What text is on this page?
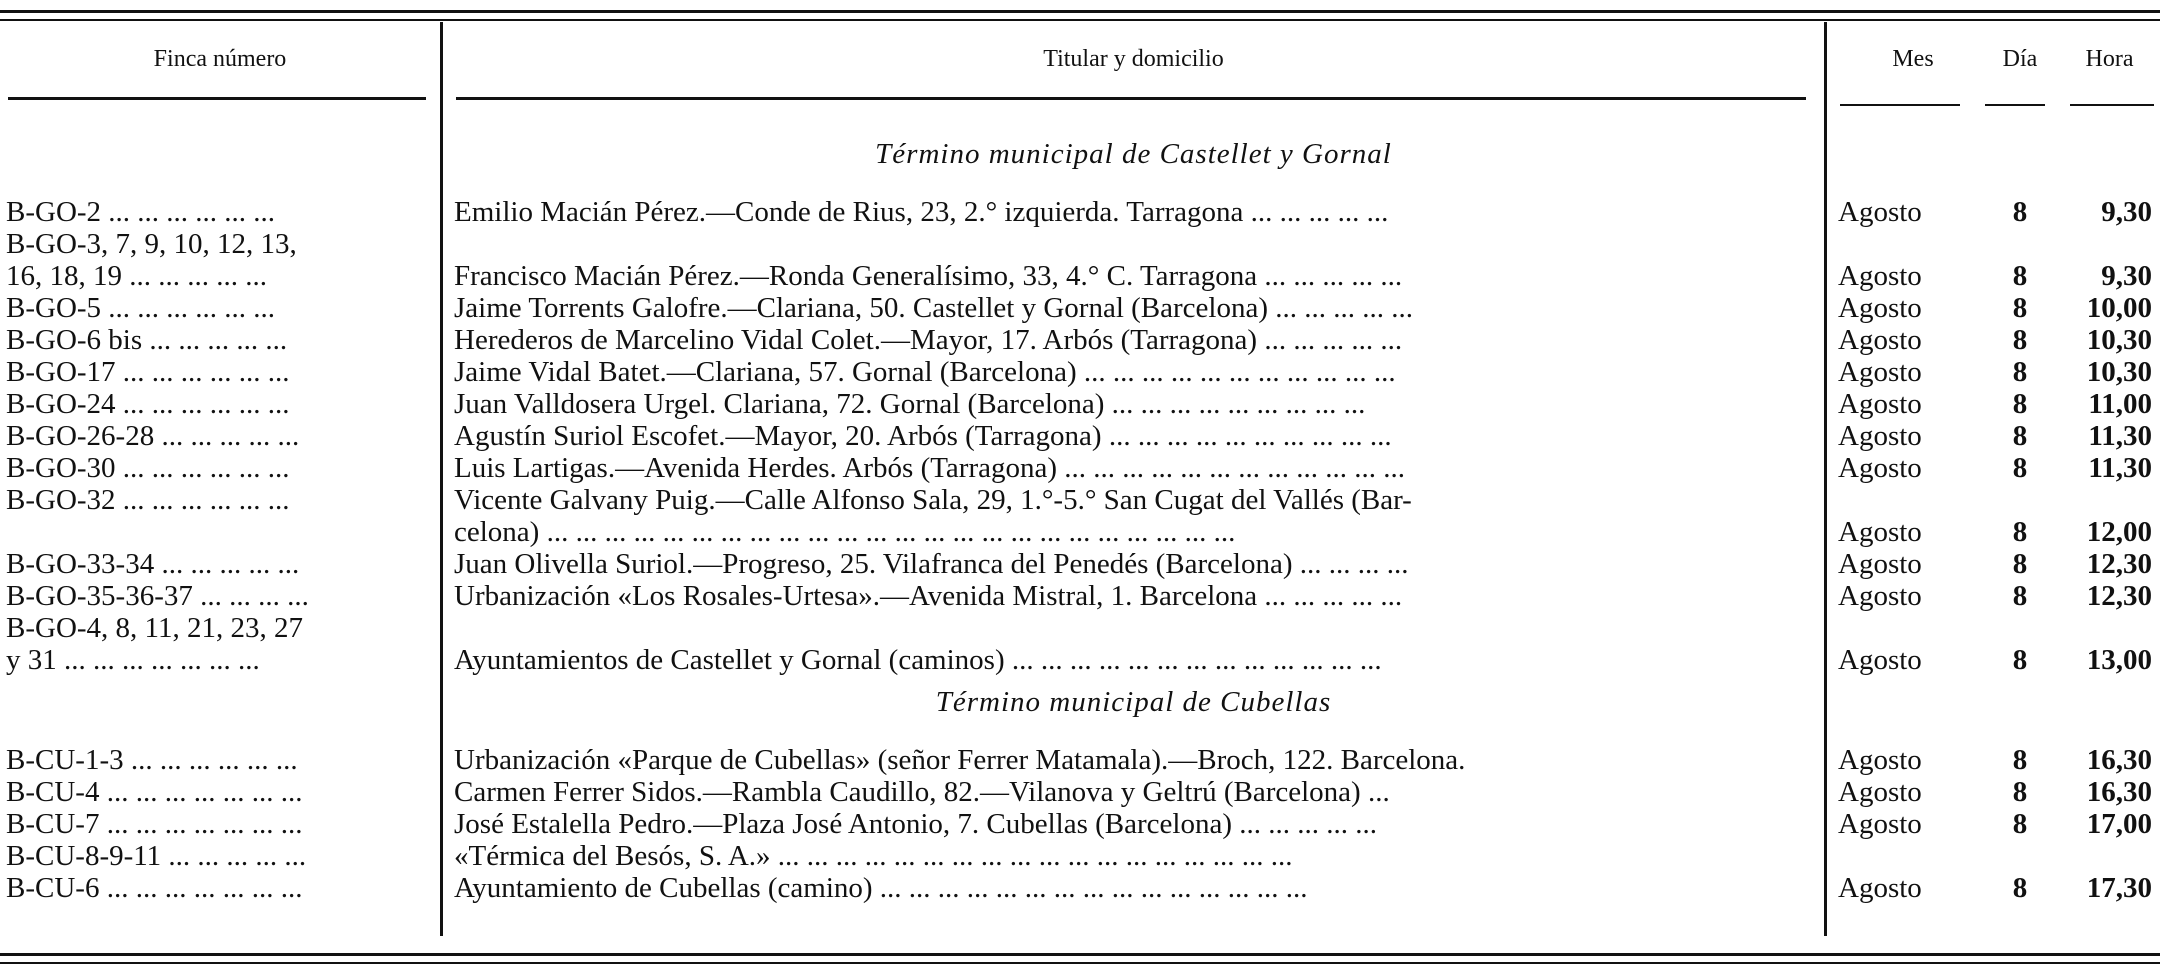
Finca número	Titular y domicilio	Mes	Día	Hora
Término municipal de Castellet y Gornal
B-GO-2 ... ... ... ... ... ...	Emilio Macián Pérez.—Conde de Rius, 23, 2.° izquierda. Tarragona ... ... ... ... ...	Agosto	8	9,30
B-GO-3, 7, 9, 10, 12, 13,
16, 18, 19 ... ... ... ... ...	Francisco Macián Pérez.—Ronda Generalísimo, 33, 4.° C. Tarragona ... ... ... ... ...	Agosto	8	9,30
B-GO-5 ... ... ... ... ... ...	Jaime Torrents Galofre.—Clariana, 50. Castellet y Gornal (Barcelona) ... ... ... ... ...	Agosto	8	10,00
B-GO-6 bis ... ... ... ... ...	Herederos de Marcelino Vidal Colet.—Mayor, 17. Arbós (Tarragona) ... ... ... ... ...	Agosto	8	10,30
B-GO-17 ... ... ... ... ... ...	Jaime Vidal Batet.—Clariana, 57. Gornal (Barcelona) ... ... ... ... ... ... ... ... ... ... ...	Agosto	8	10,30
B-GO-24 ... ... ... ... ... ...	Juan Valldosera Urgel. Clariana, 72. Gornal (Barcelona) ... ... ... ... ... ... ... ... ...	Agosto	8	11,00
B-GO-26-28 ... ... ... ... ...	Agustín Suriol Escofet.—Mayor, 20. Arbós (Tarragona) ... ... ... ... ... ... ... ... ... ...	Agosto	8	11,30
B-GO-30 ... ... ... ... ... ...	Luis Lartigas.—Avenida Herdes. Arbós (Tarragona) ... ... ... ... ... ... ... ... ... ... ... ...	Agosto	8	11,30
B-GO-32 ... ... ... ... ... ...	Vicente Galvany Puig.—Calle Alfonso Sala, 29, 1.°-5.° San Cugat del Vallés (Bar-
celona) ... ... ... ... ... ... ... ... ... ... ... ... ... ... ... ... ... ... ... ... ... ... ... ...	Agosto	8	12,00
B-GO-33-34 ... ... ... ... ...	Juan Olivella Suriol.—Progreso, 25. Vilafranca del Penedés (Barcelona) ... ... ... ...	Agosto	8	12,30
B-GO-35-36-37 ... ... ... ...	Urbanización «Los Rosales-Urtesa».—Avenida Mistral, 1. Barcelona ... ... ... ... ...	Agosto	8	12,30
B-GO-4, 8, 11, 21, 23, 27
y 31 ... ... ... ... ... ... ...	Ayuntamientos de Castellet y Gornal (caminos) ... ... ... ... ... ... ... ... ... ... ... ... ...	Agosto	8	13,00
B-CU-1-3 ... ... ... ... ... ...	Urbanización «Parque de Cubellas» (señor Ferrer Matamala).—Broch, 122. Barcelona.	Agosto	8	16,30
B-CU-4 ... ... ... ... ... ... ...	Carmen Ferrer Sidos.—Rambla Caudillo, 82.—Vilanova y Geltrú (Barcelona) ...	Agosto	8	16,30
B-CU-7 ... ... ... ... ... ... ...	José Estalella Pedro.—Plaza José Antonio, 7. Cubellas (Barcelona) ... ... ... ... ...	Agosto	8	17,00
B-CU-8-9-11 ... ... ... ... ...	«Térmica del Besós, S. A.» ... ... ... ... ... ... ... ... ... ... ... ... ... ... ... ... ... ...
B-CU-6 ... ... ... ... ... ... ...	Ayuntamiento de Cubellas (camino) ... ... ... ... ... ... ... ... ... ... ... ... ... ... ...	Agosto	8	17,30
Término municipal de Cubellas
